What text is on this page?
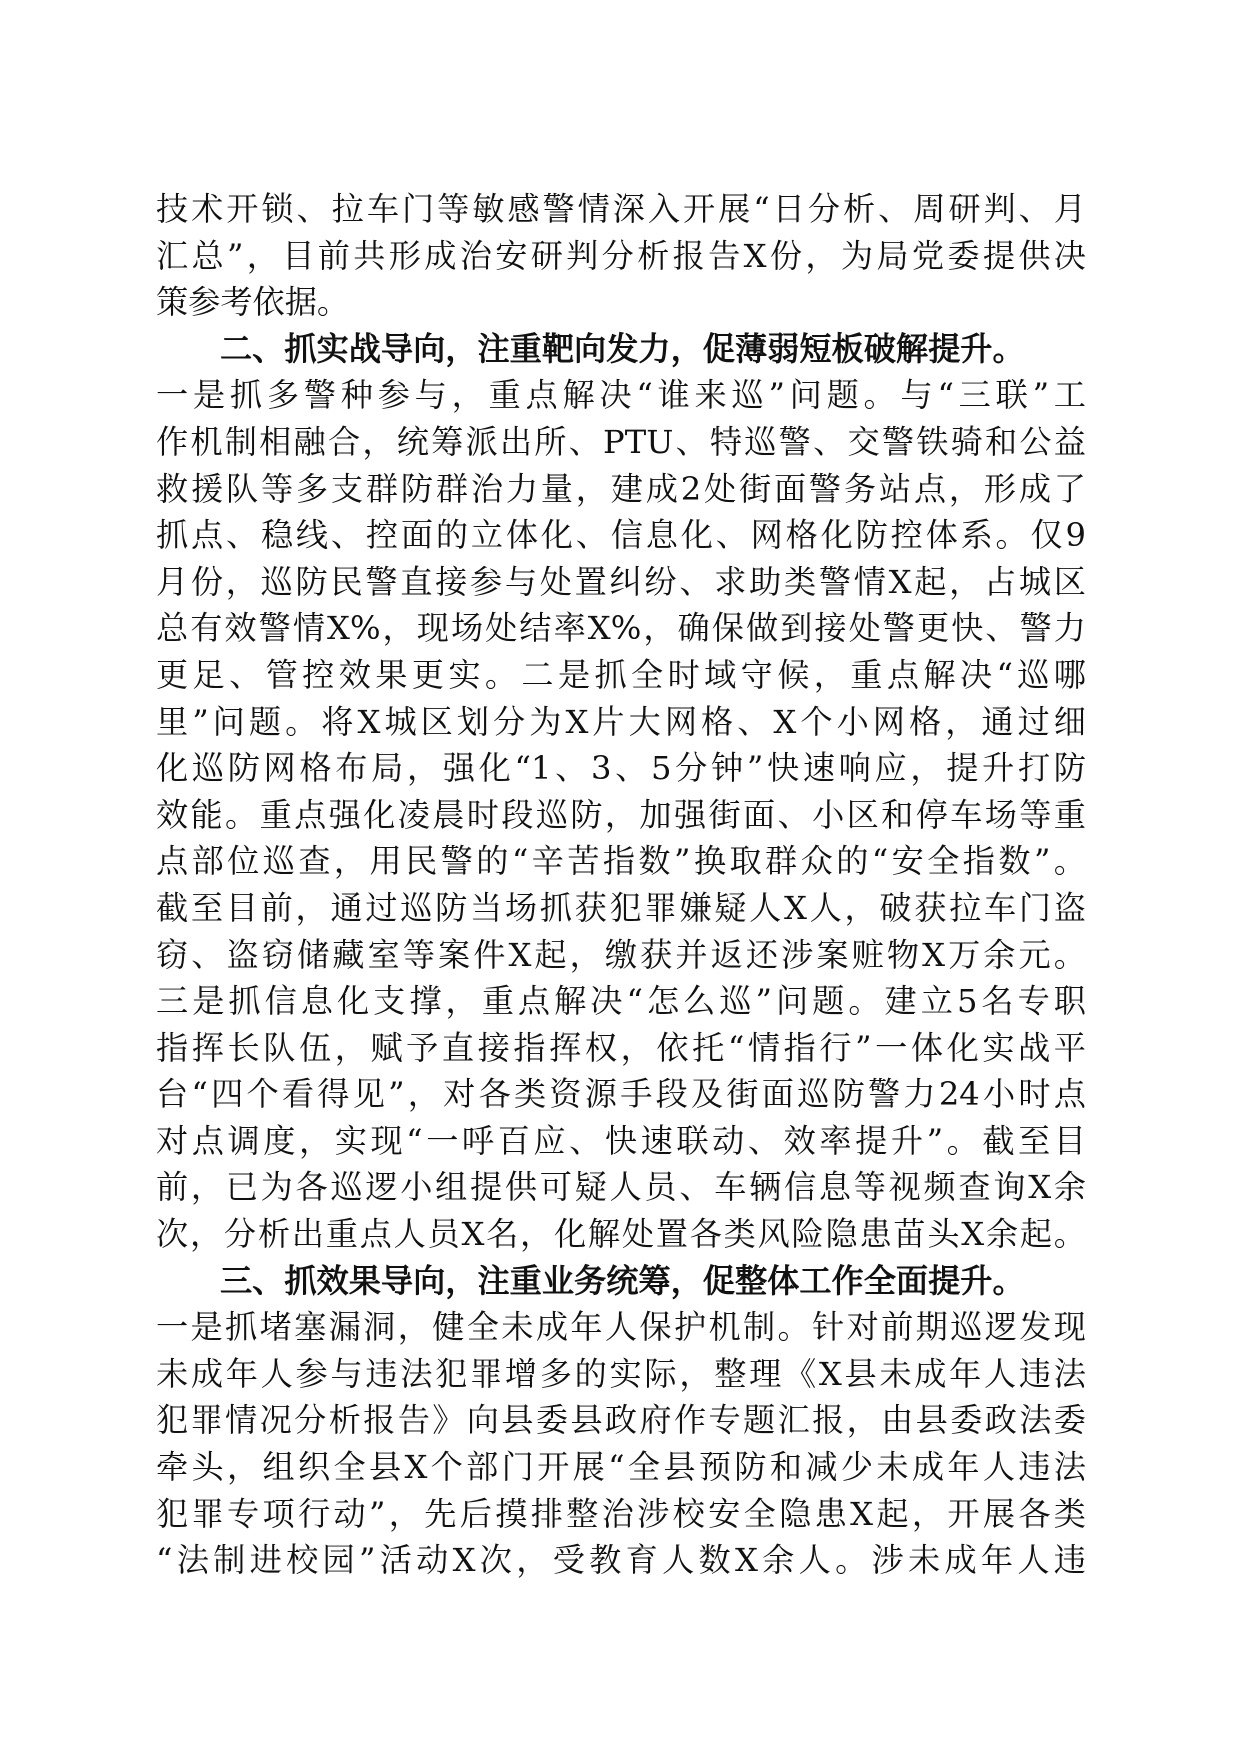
技术开锁、拉车门等敏感警情深入开展“日分析、周研判、月
汇总”，目前共形成治安研判分析报告X份，为局党委提供决
策参考依据。
二、抓实战导向，注重靶向发力，促薄弱短板破解提升。
一是抓多警种参与，重点解决“谁来巡”问题。与“三联”工
作机制相融合，统筹派出所、PTU、特巡警、交警铁骑和公益
救援队等多支群防群治力量，建成2处街面警务站点，形成了
抓点、稳线、控面的立体化、信息化、网格化防控体系。仅9
月份，巡防民警直接参与处置纠纷、求助类警情X起，占城区
总有效警情X%，现场处结率X%，确保做到接处警更快、警力
更足、管控效果更实。二是抓全时域守候，重点解决“巡哪
里”问题。将X城区划分为X片大网格、X个小网格，通过细
化巡防网格布局，强化“1、3、5分钟”快速响应，提升打防
效能。重点强化凌晨时段巡防，加强街面、小区和停车场等重
点部位巡查，用民警的“辛苦指数”换取群众的“安全指数”。
截至目前，通过巡防当场抓获犯罪嫌疑人X人，破获拉车门盗
窃、盗窃储藏室等案件X起，缴获并返还涉案赃物X万余元。
三是抓信息化支撑，重点解决“怎么巡”问题。建立5名专职
指挥长队伍，赋予直接指挥权，依托“情指行”一体化实战平
台“四个看得见”，对各类资源手段及街面巡防警力24小时点
对点调度，实现“一呼百应、快速联动、效率提升”。截至目
前，已为各巡逻小组提供可疑人员、车辆信息等视频查询X余
次，分析出重点人员X名，化解处置各类风险隐患苗头X余起。
三、抓效果导向，注重业务统筹，促整体工作全面提升。
一是抓堵塞漏洞，健全未成年人保护机制。针对前期巡逻发现
未成年人参与违法犯罪增多的实际，整理《X县未成年人违法
犯罪情况分析报告》向县委县政府作专题汇报，由县委政法委
牵头，组织全县X个部门开展“全县预防和减少未成年人违法
犯罪专项行动”，先后摸排整治涉校安全隐患X起，开展各类
“法制进校园”活动X次，受教育人数X余人。涉未成年人违
